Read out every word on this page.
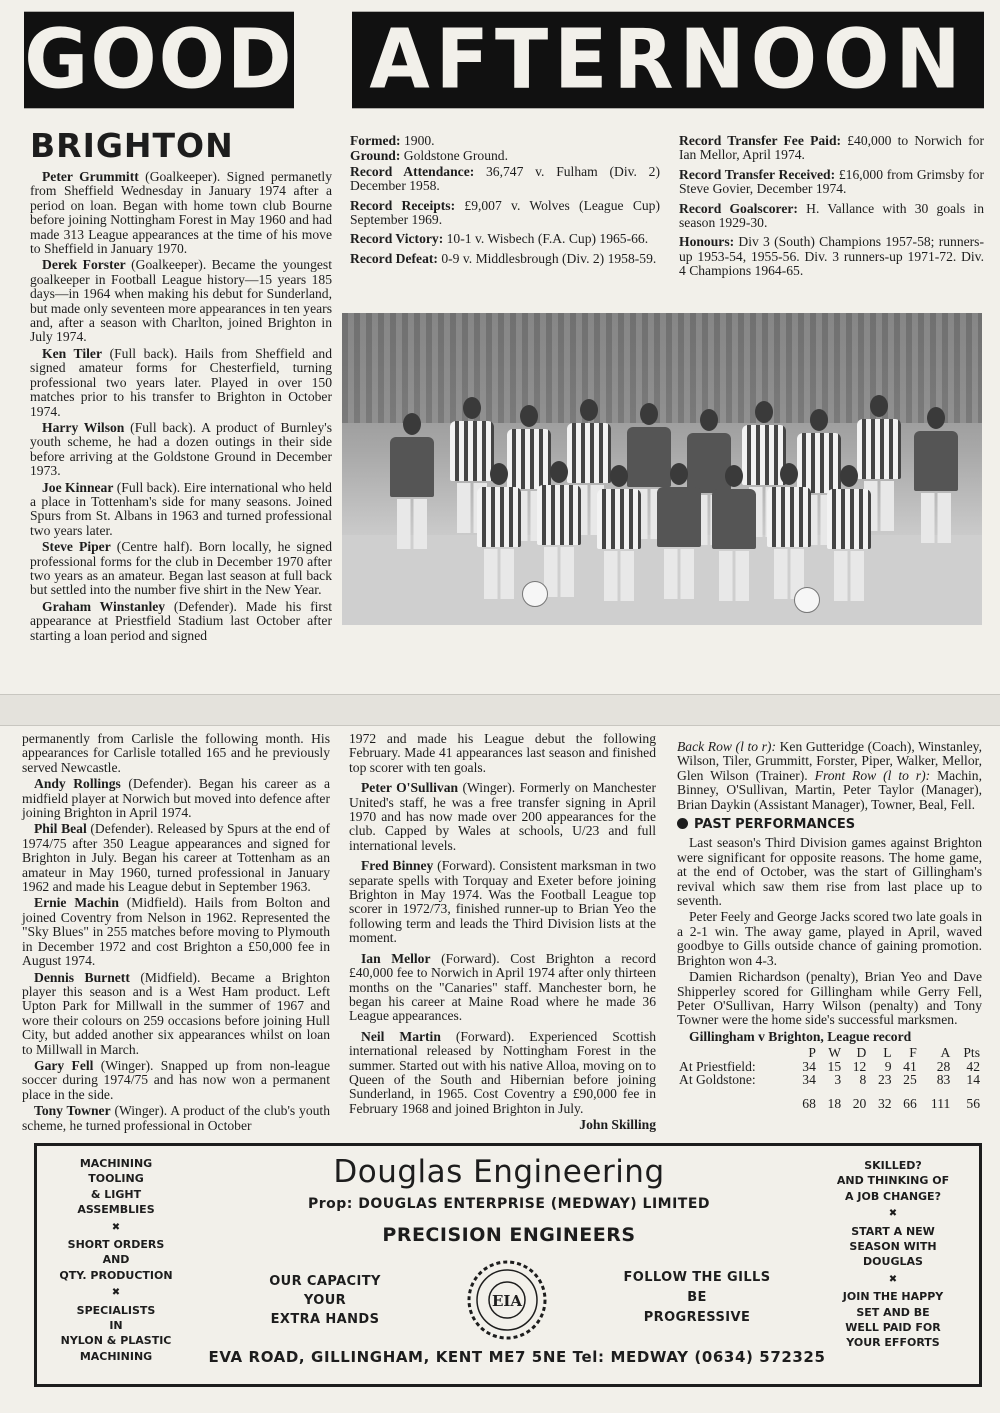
GOOD AFTERNOON
BRIGHTON

Peter Grummitt (Goalkeeper). Signed permanetly from Sheffield Wednesday in January 1974 after a period on loan. Began with home town club Bourne before joining Nottingham Forest in May 1960 and had made 313 League appearances at the time of his move to Sheffield in January 1970.

Derek Forster (Goalkeeper). Became the youngest goalkeeper in Football League history—15 years 185 days—in 1964 when making his debut for Sunderland, but made only seventeen more appearances in ten years and, after a season with Charlton, joined Brighton in July 1974.

Ken Tiler (Full back). Hails from Sheffield and signed amateur forms for Chesterfield, turning professional two years later. Played in over 150 matches prior to his transfer to Brighton in October 1974.

Harry Wilson (Full back). A product of Burnley's youth scheme, he had a dozen outings in their side before arriving at the Goldstone Ground in December 1973.

Joe Kinnear (Full back). Eire international who held a place in Tottenham's side for many seasons. Joined Spurs from St. Albans in 1963 and turned professional two years later.

Steve Piper (Centre half). Born locally, he signed professional forms for the club in December 1970 after two years as an amateur. Began last season at full back but settled into the number five shirt in the New Year.

Graham Winstanley (Defender). Made his first appearance at Priestfield Stadium last October after starting a loan period and signed

Formed: 1900.

Ground: Goldstone Ground.

Record Attendance: 36,747 v. Fulham (Div. 2) December 1958.

Record Receipts: £9,007 v. Wolves (League Cup) September 1969.

Record Victory: 10-1 v. Wisbech (F.A. Cup) 1965-66.

Record Defeat: 0-9 v. Middlesbrough (Div. 2) 1958-59.

Record Transfer Fee Paid: £40,000 to Norwich for Ian Mellor, April 1974.

Record Transfer Received: £16,000 from Grimsby for Steve Govier, December 1974.

Record Goalscorer: H. Vallance with 30 goals in season 1929-30.

Honours: Div 3 (South) Champions 1957-58; runners-up 1953-54, 1955-56. Div. 3 runners-up 1971-72. Div. 4 Champions 1964-65.

permanently from Carlisle the following month. His appearances for Carlisle totalled 165 and he previously served Newcastle.

Andy Rollings (Defender). Began his career as a midfield player at Norwich but moved into defence after joining Brighton in April 1974.

Phil Beal (Defender). Released by Spurs at the end of 1974/75 after 350 League appearances and signed for Brighton in July. Began his career at Tottenham as an amateur in May 1960, turned professional in January 1962 and made his League debut in September 1963.

Ernie Machin (Midfield). Hails from Bolton and joined Coventry from Nelson in 1962. Represented the "Sky Blues" in 255 matches before moving to Plymouth in December 1972 and cost Brighton a £50,000 fee in August 1974.

Dennis Burnett (Midfield). Became a Brighton player this season and is a West Ham product. Left Upton Park for Millwall in the summer of 1967 and wore their colours on 259 occasions before joining Hull City, but added another six appearances whilst on loan to Millwall in March.

Gary Fell (Winger). Snapped up from non-league soccer during 1974/75 and has now won a permanent place in the side.

Tony Towner (Winger). A product of the club's youth scheme, he turned professional in October

1972 and made his League debut the following February. Made 41 appearances last season and finished top scorer with ten goals.

Peter O'Sullivan (Winger). Formerly on Manchester United's staff, he was a free transfer signing in April 1970 and has now made over 200 appearances for the club. Capped by Wales at schools, U/23 and full international levels.

Fred Binney (Forward). Consistent marksman in two separate spells with Torquay and Exeter before joining Brighton in May 1974. Was the Football League top scorer in 1972/73, finished runner-up to Brian Yeo the following term and leads the Third Division lists at the moment.

Ian Mellor (Forward). Cost Brighton a record £40,000 fee to Norwich in April 1974 after only thirteen months on the "Canaries" staff. Manchester born, he began his career at Maine Road where he made 36 League appearances.

Neil Martin (Forward). Experienced Scottish international released by Nottingham Forest in the summer. Started out with his native Alloa, moving on to Queen of the South and Hibernian before joining Sunderland, in 1965. Cost Coventry a £90,000 fee in February 1968 and joined Brighton in July.

John Skilling

Back Row (l to r): Ken Gutteridge (Coach), Winstanley, Wilson, Tiler, Grummitt, Forster, Piper, Walker, Mellor, Glen Wilson (Trainer). Front Row (l to r): Machin, Binney, O'Sullivan, Martin, Peter Taylor (Manager), Brian Daykin (Assistant Manager), Towner, Beal, Fell.

PAST PERFORMANCES

Last season's Third Division games against Brighton were significant for opposite reasons. The home game, at the end of October, was the start of Gillingham's revival which saw them rise from last place up to seventh.

Peter Feely and George Jacks scored two late goals in a 2-1 win. The away game, played in April, waved goodbye to Gills outside chance of gaining promotion. Brighton won 4-3.

Damien Richardson (penalty), Brian Yeo and Dave Shipperley scored for Gillingham while Gerry Fell, Peter O'Sullivan, Harry Wilson (penalty) and Tony Towner were the home side's successful marksmen.

Gillingham v Brighton, League record

	P	W	D	L	F	A	Pts
At Priestfield:	34	15	12	9	41	28	42
At Goldstone:	34	3	8	23	25	83	14
	68	18	20	32	66	111	56
MACHINING
TOOLING
& LIGHT
ASSEMBLIES
✖
SHORT ORDERS
AND
QTY. PRODUCTION
✖
SPECIALISTS
IN
NYLON & PLASTIC
MACHINING
Douglas Engineering
Prop: DOUGLAS ENTERPRISE (MEDWAY) LIMITED
PRECISION ENGINEERS
OUR CAPACITY
YOUR
EXTRA HANDS
EIA
FOLLOW THE GILLS
BE
PROGRESSIVE
SKILLED?
AND THINKING OF
A JOB CHANGE?
✖
START A NEW
SEASON WITH
DOUGLAS
✖
JOIN THE HAPPY
SET AND BE
WELL PAID FOR
YOUR EFFORTS
EVA ROAD, GILLINGHAM, KENT ME7 5NE Tel: MEDWAY (0634) 572325
